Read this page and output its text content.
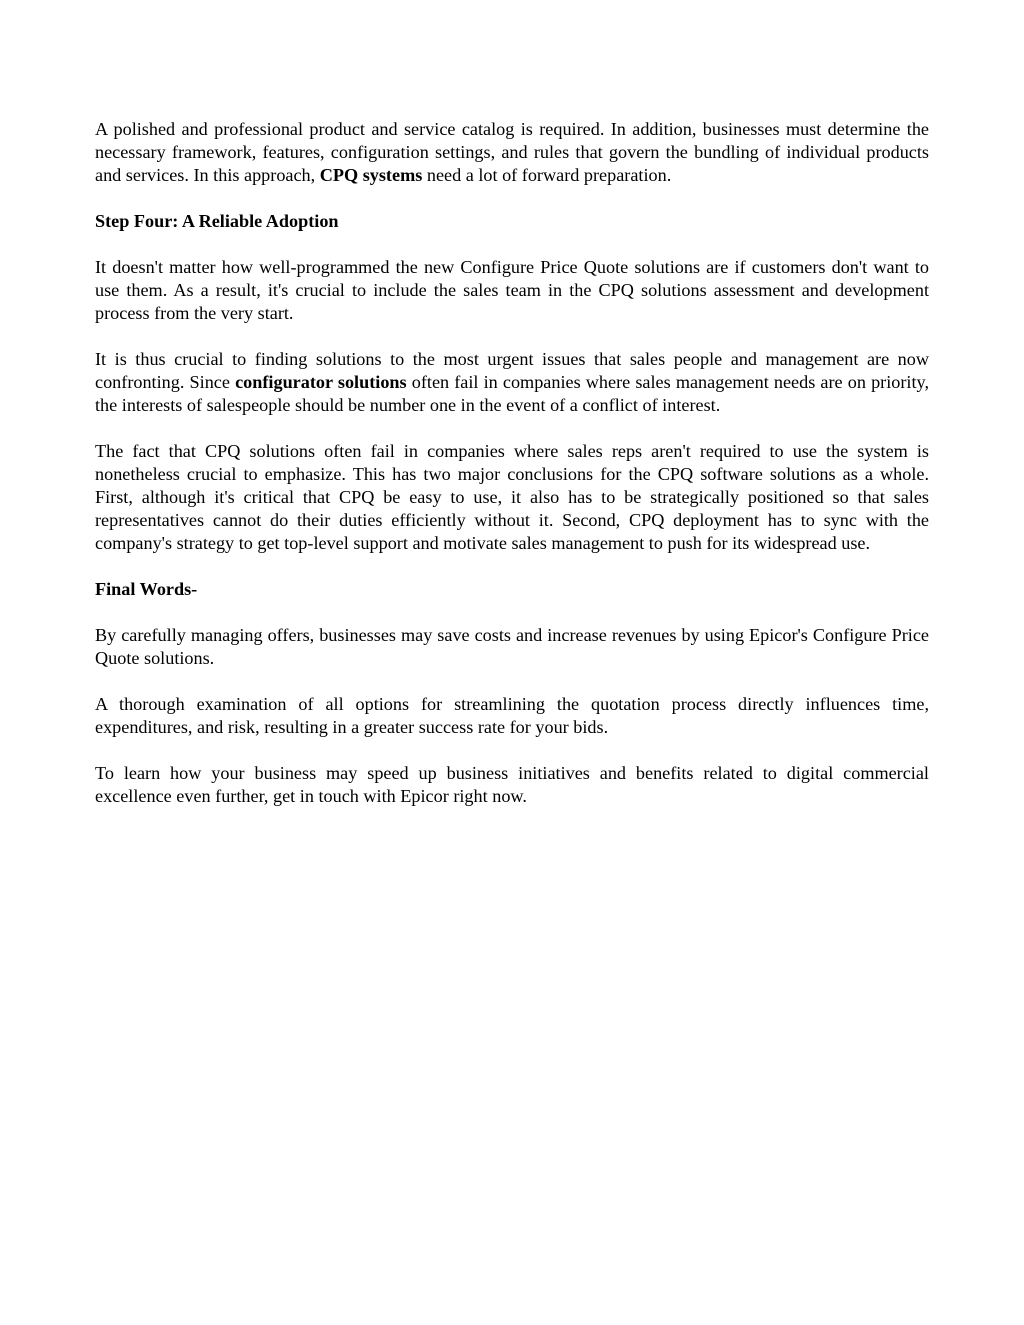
A polished and professional product and service catalog is required. In addition, businesses must determine the necessary framework, features, configuration settings, and rules that govern the bundling of individual products and services. In this approach, CPQ systems need a lot of forward preparation.

Step Four: A Reliable Adoption

It doesn't matter how well-programmed the new Configure Price Quote solutions are if customers don't want to use them. As a result, it's crucial to include the sales team in the CPQ solutions assessment and development process from the very start.

It is thus crucial to finding solutions to the most urgent issues that sales people and management are now confronting. Since configurator solutions often fail in companies where sales management needs are on priority, the interests of salespeople should be number one in the event of a conflict of interest.

The fact that CPQ solutions often fail in companies where sales reps aren't required to use the system is nonetheless crucial to emphasize. This has two major conclusions for the CPQ software solutions as a whole. First, although it's critical that CPQ be easy to use, it also has to be strategically positioned so that sales representatives cannot do their duties efficiently without it. Second, CPQ deployment has to sync with the company's strategy to get top-level support and motivate sales management to push for its widespread use.

Final Words-

By carefully managing offers, businesses may save costs and increase revenues by using Epicor's Configure Price Quote solutions.

A thorough examination of all options for streamlining the quotation process directly influences time, expenditures, and risk, resulting in a greater success rate for your bids.

To learn how your business may speed up business initiatives and benefits related to digital commercial excellence even further, get in touch with Epicor right now.
